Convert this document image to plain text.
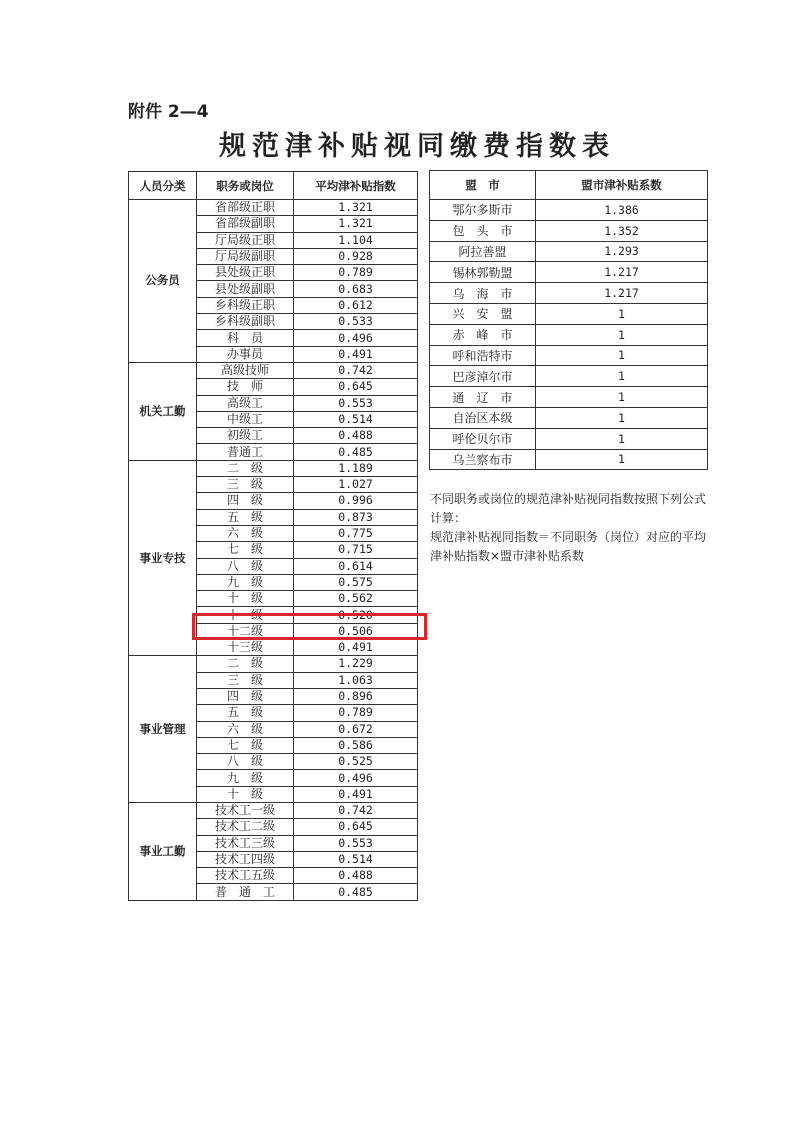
附件 2—4
规范津补贴视同缴费指数表
人员分类	职务或岗位	平均津补贴指数
公务员	省部级正职	1.321
	省部级副职	1.321
	厅局级正职	1.104
	厅局级副职	0.928
	县处级正职	0.789
	县处级副职	0.683
	乡科级正职	0.612
	乡科级副职	0.533
	科　员	0.496
	办事员	0.491
机关工勤	高级技师	0.742
	技　师	0.645
	高级工	0.553
	中级工	0.514
	初级工	0.488
	普通工	0.485
事业专技	二　级	1.189
	三　级	1.027
	四　级	0.996
	五　级	0.873
	六　级	0.775
	七　级	0.715
	八　级	0.614
	九　级	0.575
	十　级	0.562
	十一级	0.520
	十二级	0.506
	十三级	0.491
事业管理	二　级	1.229
	三　级	1.063
	四　级	0.896
	五　级	0.789
	六　级	0.672
	七　级	0.586
	八　级	0.525
	九　级	0.496
	十　级	0.491
事业工勤	技术工一级	0.742
	技术工二级	0.645
	技术工三级	0.553
	技术工四级	0.514
	技术工五级	0.488
	普　通　工	0.485
盟　市	盟市津补贴系数
鄂尔多斯市	1.386
包　头　市	1.352
阿拉善盟	1.293
锡林郭勒盟	1.217
乌　海　市	1.217
兴　安　盟	1
赤　峰　市	1
呼和浩特市	1
巴彦淖尔市	1
通　辽　市	1
自治区本级	1
呼伦贝尔市	1
乌兰察布市	1

不同职务或岗位的规范津补贴视同指数按照下列公式计算：

规范津补贴视同指数＝不同职务（岗位）对应的平均津补贴指数×盟市津补贴系数
